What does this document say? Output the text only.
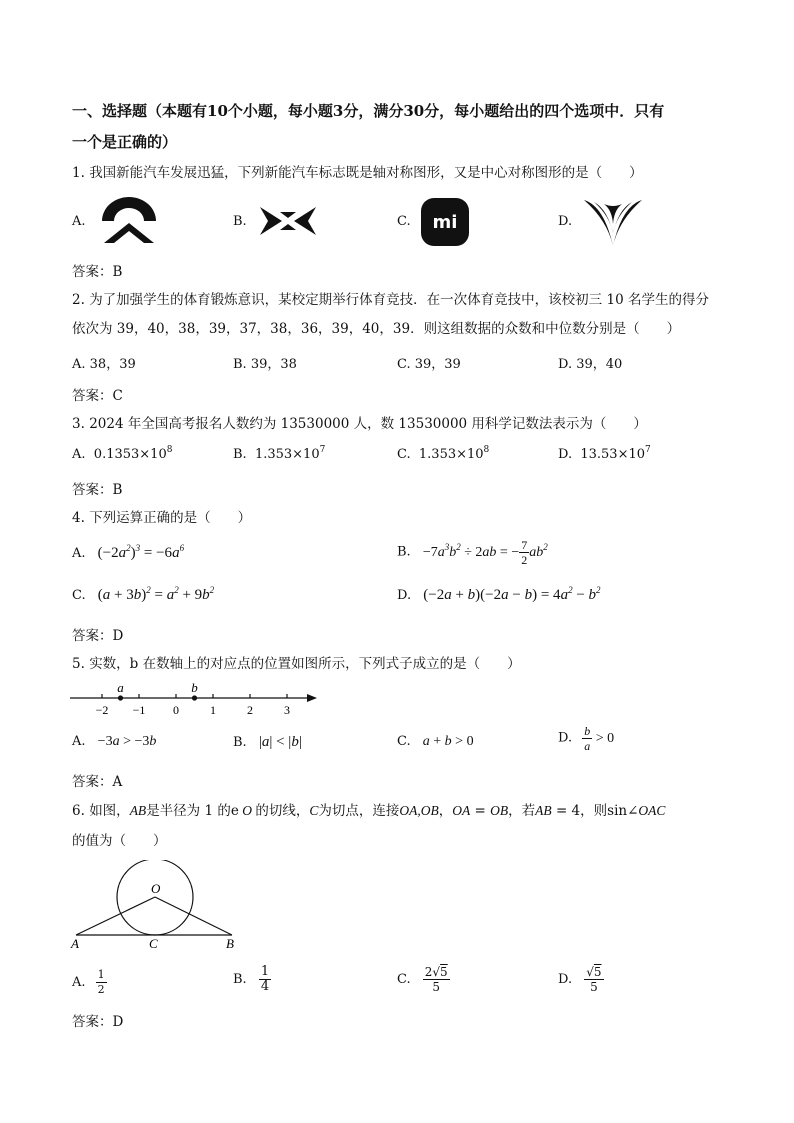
一、选择题（本题有10个小题，每小题3分，满分30分，每小题给出的四个选项中．只有
一个是正确的）
1. 我国新能汽车发展迅猛，下列新能汽车标志既是轴对称图形，又是中心对称图形的是（　　）
A.	B.	C. mi	D.
答案：B
2. 为了加强学生的体育锻炼意识，某校定期举行体育竞技．在一次体育竞技中，该校初三 10 名学生的得分
依次为 39，40，38，39，37，38，36，39，40，39．则这组数据的众数和中位数分别是（　　）
A. 38，39	B. 39，38	C. 39，39	D. 39，40
答案：C
3. 2024 年全国高考报名人数约为 13530000 人，数 13530000 用科学记数法表示为（　　）
A. $0.1353\times 10^8$	B. $1.353\times 10^7$	C. $1.353\times 10^8$	D. $13.53\times 10^7$
答案：B
4. 下列运算正确的是（　　）
A. $(-2a^2)^3 = -6a^6$	B. $-7a^3b^2 \div 2ab$ = − $\frac{7}{2} ab^2$
C. $(a + 3b)^2 = a^2 + 9b^2$	D. $(-2a + b)(-2a - b) = 4a^2 - b^2$
答案：D
5. 实数，b 在数轴上的对应点的位置如图所示，下列式子成立的是（　　）
−2 −1 0	1	2	3
a	b
A. −3a > −3b	B. |a| < |b|	C. a + b > 0	D. $\frac{b}{a} > 0$
答案：A
6. 如图，AB是半径为 1 的e O 的切线，C为切点，连接OA,OB，OA = OB，若AB = 4，则sin∠OAC
的值为（　　）
O
A	C	B
A. $\frac{1}{2}$	B. $\frac{1}{4}$	C. $\frac{2√5}{5}$	D. $\frac{√5}{5}$
答案：D
